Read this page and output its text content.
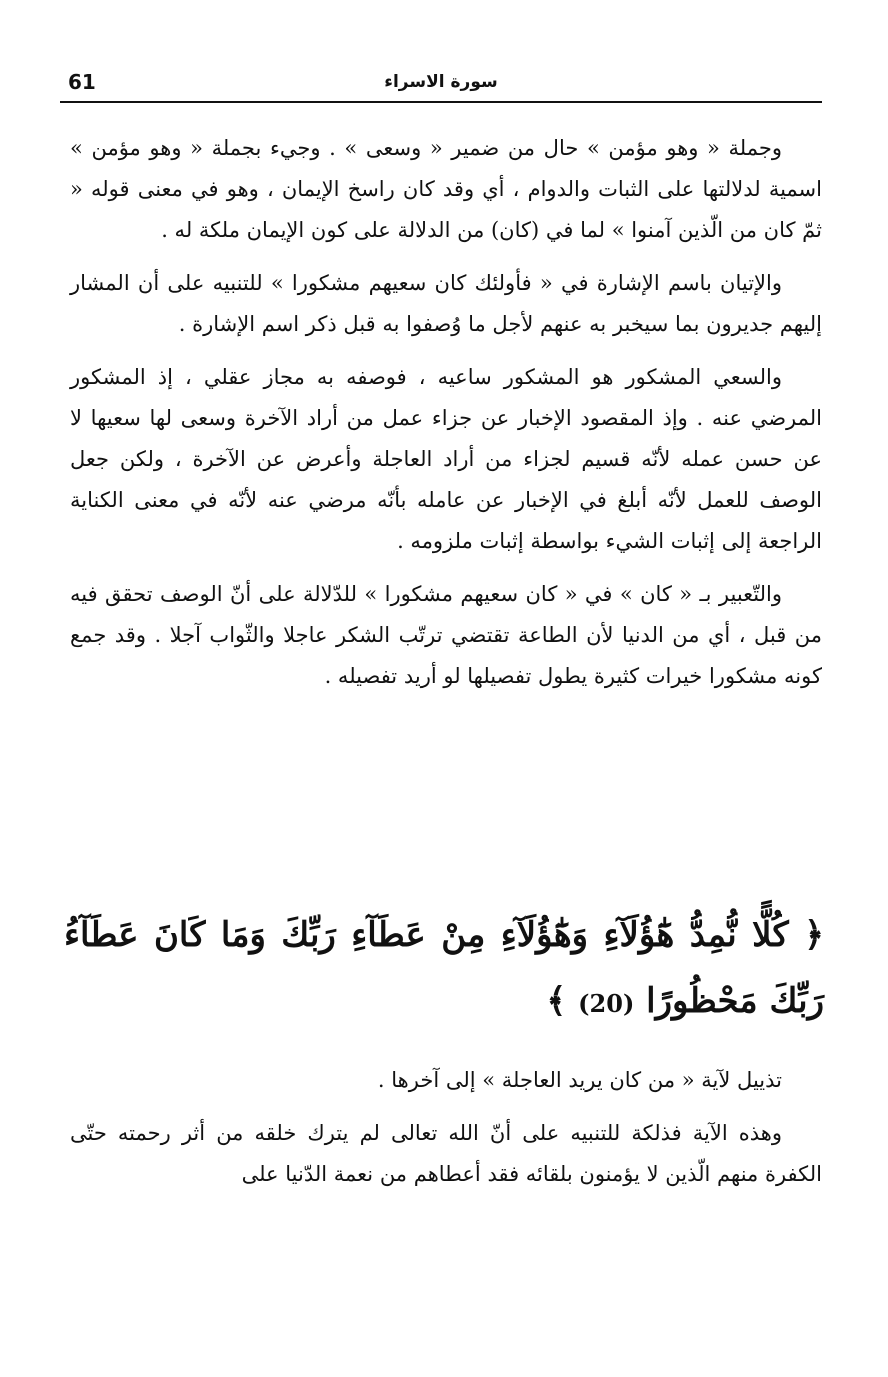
61	سورة الاسراء

وجملة « وهو مؤمن » حال من ضمير « وسعى » . وجيء بجملة « وهو مؤمن » اسمية لدلالتها على الثبات والدوام ، أي وقد كان راسخ الإيمان ، وهو في معنى قوله « ثمّ كان من الّذين آمنوا » لما في (كان) من الدلالة على كون الإيمان ملكة له .

والإتيان باسم الإشارة في « فأولئك كان سعيهم مشكورا » للتنبيه على أن المشار إليهم جديرون بما سيخبر به عنهم لأجل ما وُصفوا به قبل ذكر اسم الإشارة .

والسعي المشكور هو المشكور ساعيه ، فوصفه به مجاز عقلي ، إذ المشكور المرضي عنه . وإذ المقصود الإخبار عن جزاء عمل من أراد الآخرة وسعى لها سعيها لا عن حسن عمله لأنّه قسيم لجزاء من أراد العاجلة وأعرض عن الآخرة ، ولكن جعل الوصف للعمل لأنّه أبلغ في الإخبار عن عامله بأنّه مرضي عنه لأنّه في معنى الكناية الراجعة إلى إثبات الشيء بواسطة إثبات ملزومه .

والتّعبير بـ « كان » في « كان سعيهم مشكورا » للدّلالة على أنّ الوصف تحقق فيه من قبل ، أي من الدنيا لأن الطاعة تقتضي ترتّب الشكر عاجلا والثّواب آجلا . وقد جمع كونه مشكورا خيرات كثيرة يطول تفصيلها لو أريد تفصيله .

﴿ كُلًّا نُّمِدُّ هَٰٓؤُلَآءِ وَهَٰٓؤُلَآءِ مِنْ عَطَآءِ رَبِّكَ وَمَا كَانَ عَطَآءُ رَبِّكَ مَحْظُورًا (20) ﴾

تذييل لآية « من كان يريد العاجلة » إلى آخرها .

وهذه الآية فذلكة للتنبيه على أنّ الله تعالى لم يترك خلقه من أثر رحمته حتّى الكفرة منهم الّذين لا يؤمنون بلقائه فقد أعطاهم من نعمة الدّنيا على
